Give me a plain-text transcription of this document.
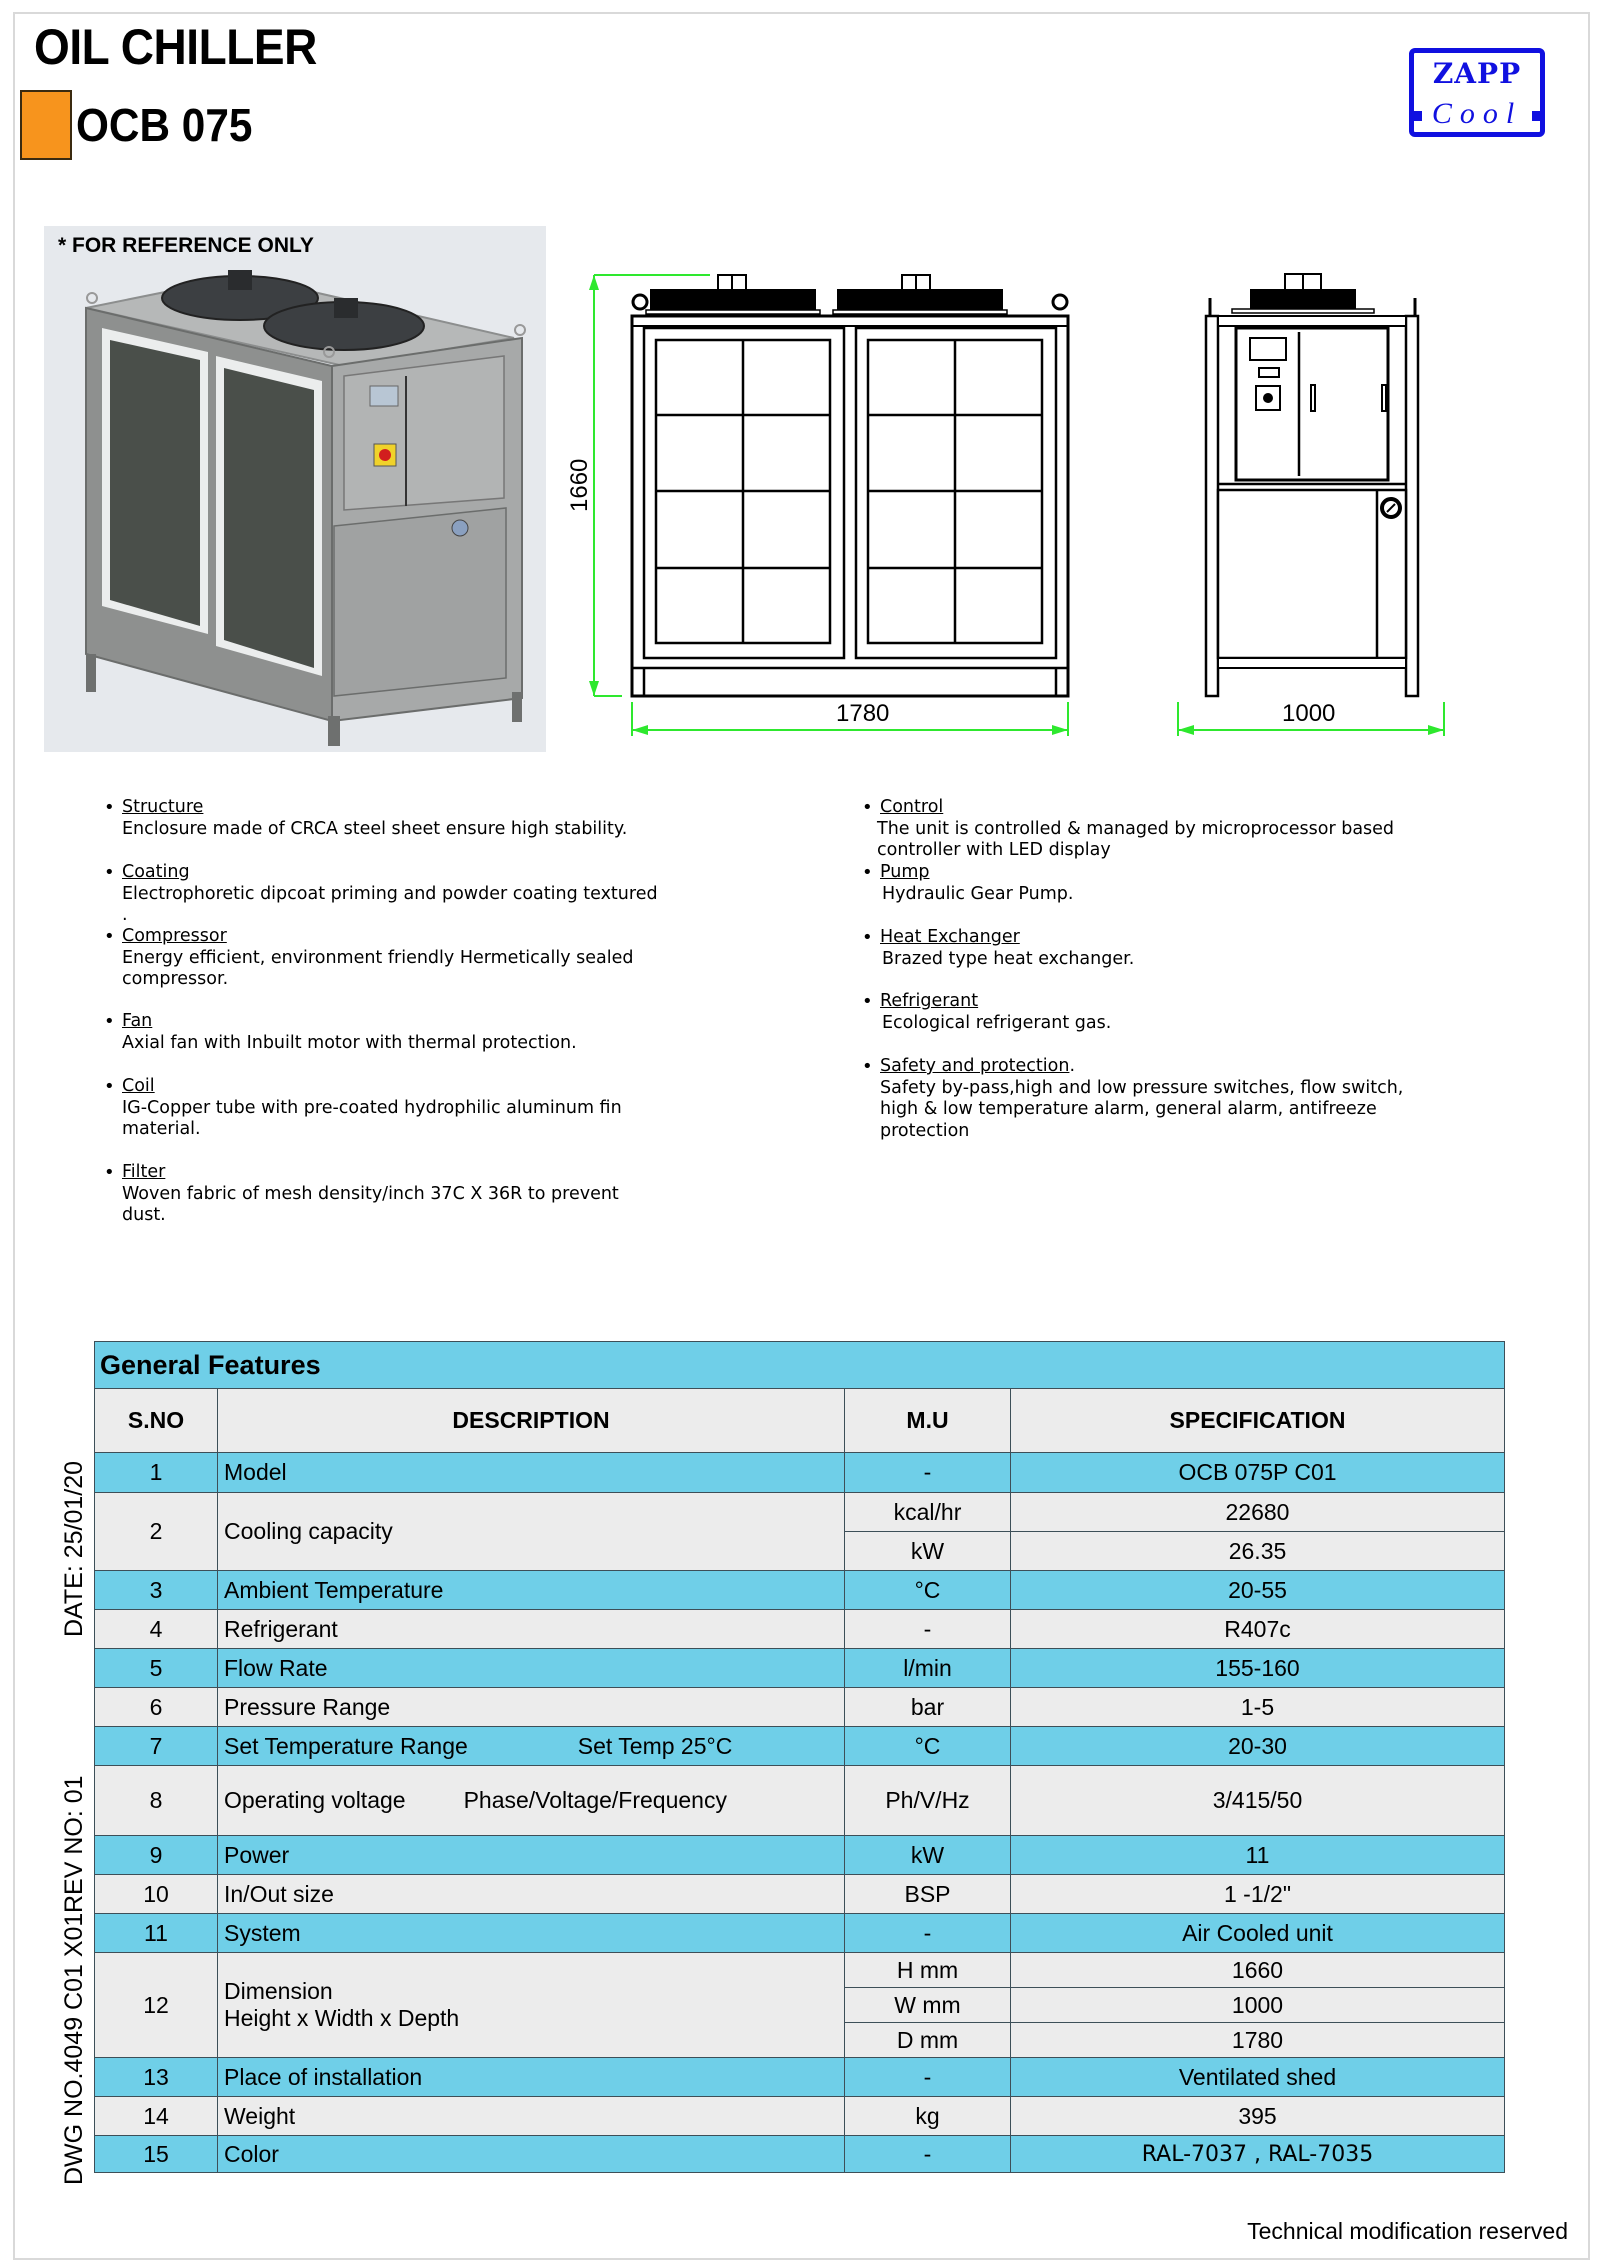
OIL CHILLER
OCB 075
ZAPP
Cool
* FOR REFERENCE ONLY
1660
1780	1000
• Structure
Enclosure made of CRCA steel sheet ensure high stability.
• Coating
Electrophoretic dipcoat priming and powder coating textured
.
• Compressor
Energy efficient, environment friendly Hermetically sealed
compressor.
• Fan
Axial fan with Inbuilt motor with thermal protection.
• Coil
IG-Copper tube with pre-coated hydrophilic aluminum fin
material.
• Filter
Woven fabric of mesh density/inch 37C X 36R to prevent
dust.
• Control
The unit is controlled & managed by microprocessor based
controller with LED display
• Pump
Hydraulic Gear Pump.
• Heat Exchanger
Brazed type heat exchanger.
• Refrigerant
Ecological refrigerant gas.
• Safety and protection.
Safety by-pass,high and low pressure switches, flow switch,
high & low temperature alarm, general alarm, antifreeze
protection
General Features			
S.NO	DESCRIPTION	M.U	SPECIFICATION
1	Model	-	OCB 075P C01
2	Cooling capacity	kcal/hr	22680
		kW	26.35
3	Ambient Temperature	°C	20-55
4	Refrigerant	-	R407c
5	Flow Rate	l/min	155-160
6	Pressure Range	bar	1-5
7	Set Temperature Range Set Temp 25°C	°C	20-30
8	Operating voltage Phase/Voltage/Frequency	Ph/V/Hz	3/415/50
9	Power	kW	11
10	In/Out size	BSP	1 -1/2"
11	System	-	Air Cooled unit
12	Dimension
Height x Width x Depth	H mm	1660
		W mm	1000
		D mm	1780
13	Place of installation	-	Ventilated shed
14	Weight	kg	395
15	Color	-	RAL-7037 , RAL-7035
DWG NO.4049 C01 X01
REV NO: 01
DATE: 25/01/20
Technical modification reserved
